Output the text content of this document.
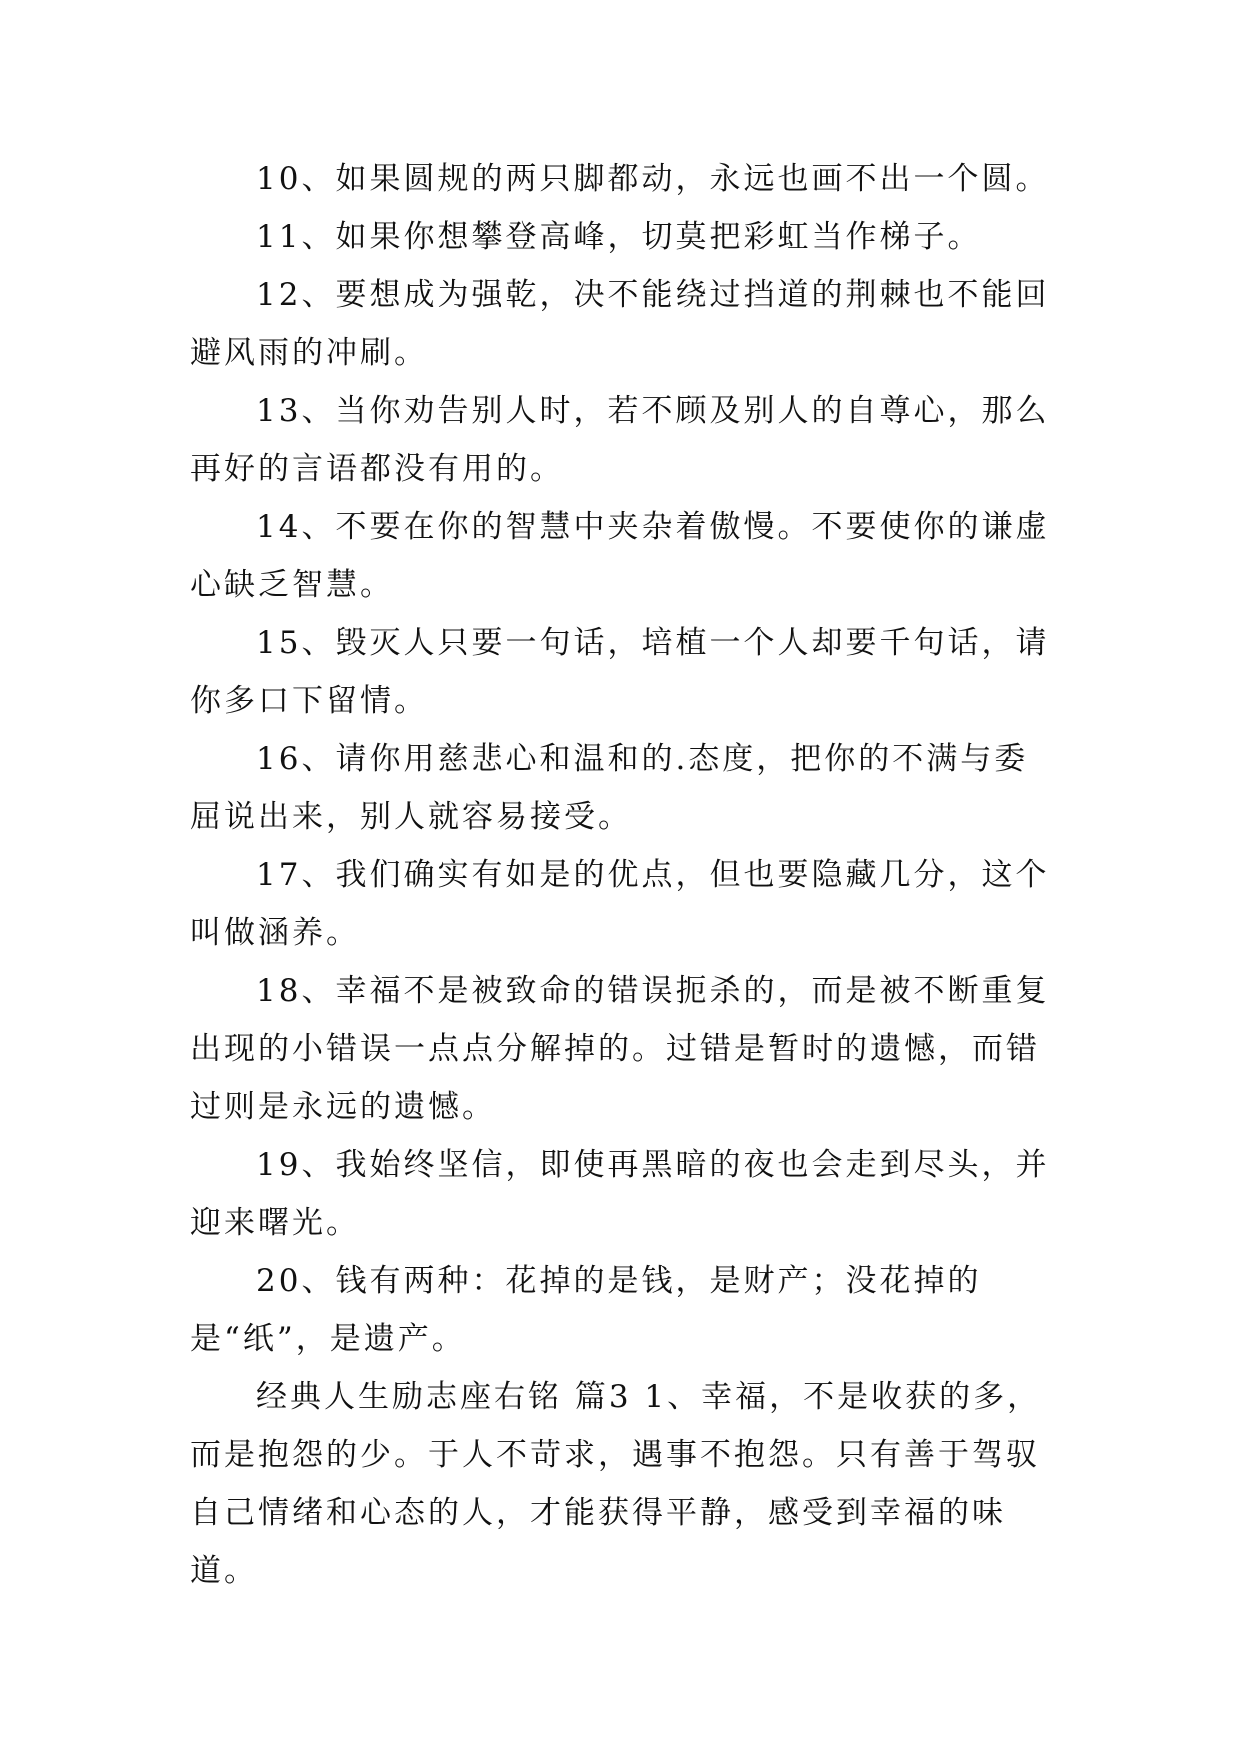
10、如果圆规的两只脚都动，永远也画不出一个圆。

11、如果你想攀登高峰，切莫把彩虹当作梯子。

12、要想成为强乾，决不能绕过挡道的荆棘也不能回避风雨的冲刷。

13、当你劝告别人时，若不顾及别人的自尊心，那么再好的言语都没有用的。

14、不要在你的智慧中夹杂着傲慢。不要使你的谦虚心缺乏智慧。

15、毁灭人只要一句话，培植一个人却要千句话，请你多口下留情。

16、请你用慈悲心和温和的.态度，把你的不满与委屈说出来，别人就容易接受。

17、我们确实有如是的优点，但也要隐藏几分，这个叫做涵养。

18、幸福不是被致命的错误扼杀的，而是被不断重复出现的小错误一点点分解掉的。过错是暂时的遗憾，而错过则是永远的遗憾。

19、我始终坚信，即使再黑暗的夜也会走到尽头，并迎来曙光。

20、钱有两种：花掉的是钱，是财产；没花掉的是“纸”，是遗产。

经典人生励志座右铭 篇3 1、幸福，不是收获的多，而是抱怨的少。于人不苛求，遇事不抱怨。只有善于驾驭自己情绪和心态的人，才能获得平静，感受到幸福的味道。
